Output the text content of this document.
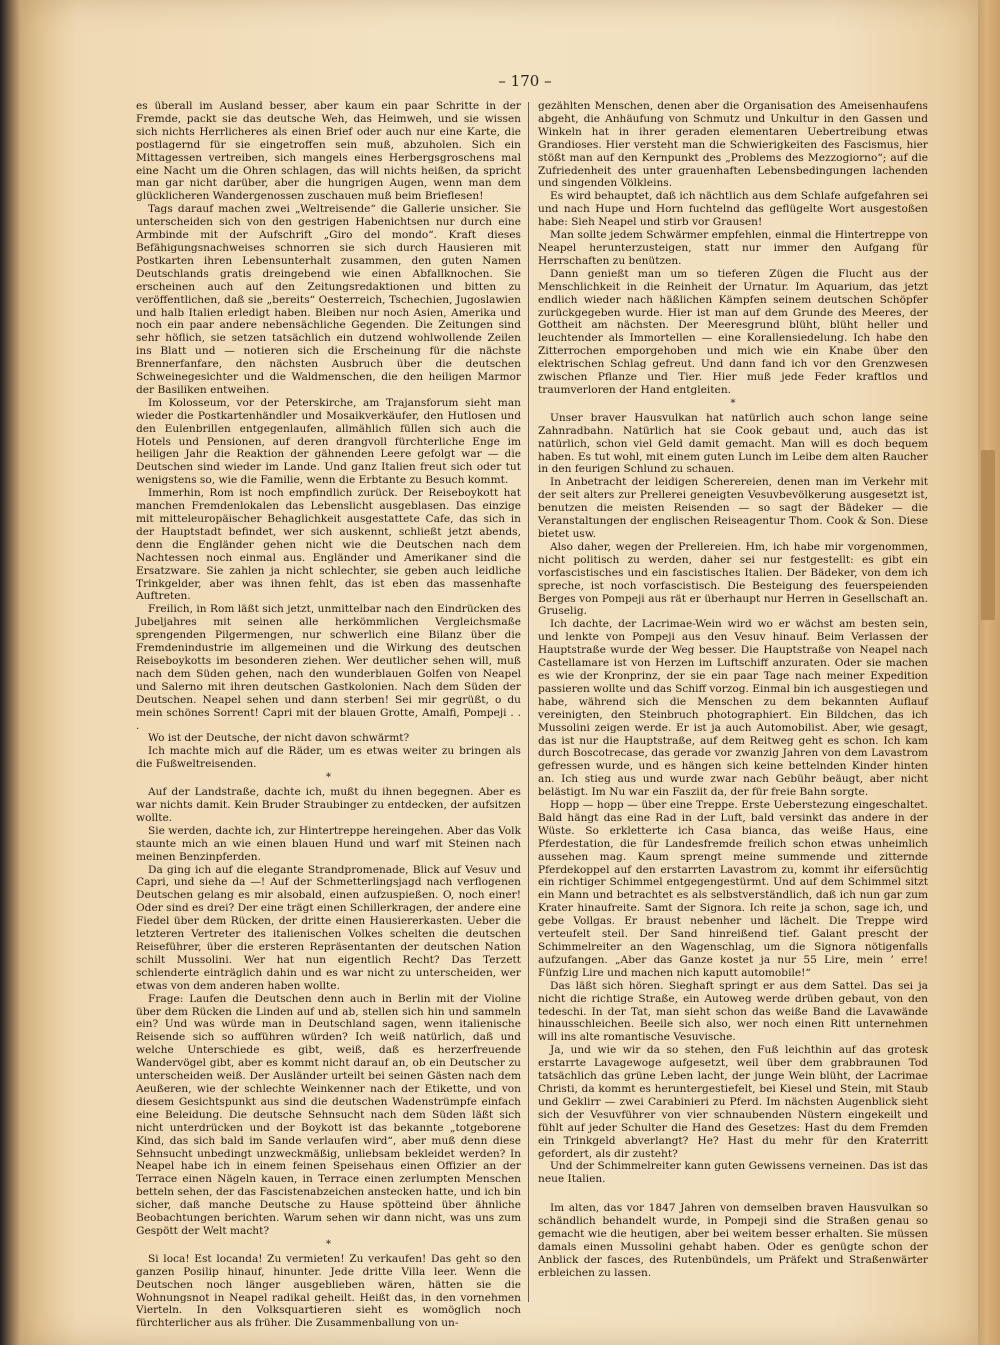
– 170 –

es überall im Ausland besser, aber kaum ein paar Schritte in der Fremde, packt sie das deutsche Weh, das Heimweh, und sie wissen sich nichts Herrlicheres als einen Brief oder auch nur eine Karte, die postlagernd für sie eingetroffen sein muß, abzuholen. Sich ein Mittagessen vertreiben, sich mangels eines Herbergsgroschens mal eine Nacht um die Ohren schlagen, das will nichts heißen, da spricht man gar nicht darüber, aber die hungrigen Augen, wenn man dem glücklicheren Wandergenossen zuschauen muß beim Brieflesen!

Tags darauf machen zwei „Weltreisende“ die Gallerie unsicher. Sie unterscheiden sich von den gestrigen Habenichtsen nur durch eine Armbinde mit der Aufschrift „Giro del mondo“. Kraft dieses Befähigungsnachweises schnorren sie sich durch Hausieren mit Postkarten ihren Lebensunterhalt zusammen, den guten Namen Deutschlands gratis dreingebend wie einen Abfallknochen. Sie erscheinen auch auf den Zeitungsredaktionen und bitten zu veröffentlichen, daß sie „bereits“ Oesterreich, Tschechien, Jugoslawien und halb Italien erledigt haben. Bleiben nur noch Asien, Amerika und noch ein paar andere nebensächliche Gegenden. Die Zeitungen sind sehr höflich, sie setzen tatsächlich ein dutzend wohlwollende Zeilen ins Blatt und — notieren sich die Erscheinung für die nächste Brennerfanfare, den nächsten Ausbruch über die deutschen Schweinegesichter und die Waldmenschen, die den heiligen Marmor der Basiliken entweihen.

Im Kolosseum, vor der Peterskirche, am Trajansforum sieht man wieder die Postkartenhändler und Mosaikverkäufer, den Hutlosen und den Eulenbrillen entgegenlaufen, allmählich füllen sich auch die Hotels und Pensionen, auf deren drangvoll fürchterliche Enge im heiligen Jahr die Reaktion der gähnenden Leere gefolgt war — die Deutschen sind wieder im Lande. Und ganz Italien freut sich oder tut wenigstens so, wie die Familie, wenn die Erbtante zu Besuch kommt.

Immerhin, Rom ist noch empfindlich zurück. Der Reiseboykott hat manchen Fremdenlokalen das Lebenslicht ausgeblasen. Das einzige mit mitteleuropäischer Behaglichkeit ausgestattete Cafe, das sich in der Hauptstadt befindet, wer sich auskennt, schließt jetzt abends, denn die Engländer gehen nicht wie die Deutschen nach dem Nachtessen noch einmal aus. Engländer und Amerikaner sind die Ersatzware. Sie zahlen ja nicht schlechter, sie geben auch leidliche Trinkgelder, aber was ihnen fehlt, das ist eben das massenhafte Auftreten.

Freilich, in Rom läßt sich jetzt, unmittelbar nach den Eindrücken des Jubeljahres mit seinen alle herkömmlichen Vergleichsmaße sprengenden Pilgermengen, nur schwerlich eine Bilanz über die Fremdenindustrie im allgemeinen und die Wirkung des deutschen Reiseboykotts im besonderen ziehen. Wer deutlicher sehen will, muß nach dem Süden gehen, nach den wunderblauen Golfen von Neapel und Salerno mit ihren deutschen Gastkolonien. Nach dem Süden der Deutschen. Neapel sehen und dann sterben! Sei mir gegrüßt, o du mein schönes Sorrent! Capri mit der blauen Grotte, Amalfi, Pompeji . . .

Wo ist der Deutsche, der nicht davon schwärmt?

Ich machte mich auf die Räder, um es etwas weiter zu bringen als die Fußweltreisenden.

*

Auf der Landstraße, dachte ich, mußt du ihnen begegnen. Aber es war nichts damit. Kein Bruder Straubinger zu entdecken, der aufsitzen wollte.

Sie werden, dachte ich, zur Hintertreppe hereingehen. Aber das Volk staunte mich an wie einen blauen Hund und warf mit Steinen nach meinen Benzinpferden.

Da ging ich auf die elegante Strandpromenade, Blick auf Vesuv und Capri, und siehe da —! Auf der Schmetterlingsjagd nach verflogenen Deutschen gelang es mir alsobald, einen aufzuspießen. O, noch einer! Oder sind es drei? Der eine trägt einen Schillerkragen, der andere eine Fiedel über dem Rücken, der dritte einen Hausiererkasten. Ueber die letzteren Vertreter des italienischen Volkes schelten die deutschen Reiseführer, über die ersteren Repräsentanten der deutschen Nation schilt Mussolini. Wer hat nun eigentlich Recht? Das Terzett schlenderte einträglich dahin und es war nicht zu unterscheiden, wer etwas von dem anderen haben wollte.

Frage: Laufen die Deutschen denn auch in Berlin mit der Violine über dem Rücken die Linden auf und ab, stellen sich hin und sammeln ein? Und was würde man in Deutschland sagen, wenn italienische Reisende sich so aufführen würden? Ich weiß natürlich, daß und welche Unterschiede es gibt, weiß, daß es herzerfreuende Wandervögel gibt, aber es kommt nicht darauf an, ob ein Deutscher zu unterscheiden weiß. Der Ausländer urteilt bei seinen Gästen nach dem Aeußeren, wie der schlechte Weinkenner nach der Etikette, und von diesem Gesichtspunkt aus sind die deutschen Wadenstrümpfe einfach eine Beleidung. Die deutsche Sehnsucht nach dem Süden läßt sich nicht unterdrücken und der Boykott ist das bekannte „totgeborene Kind, das sich bald im Sande verlaufen wird“, aber muß denn diese Sehnsucht unbedingt unzweckmäßig, unliebsam bekleidet werden? In Neapel habe ich in einem feinen Speisehaus einen Offizier an der Terrace einen Nägeln kauen, in Terrace einen zerlumpten Menschen betteln sehen, der das Fascistenabzeichen anstecken hatte, und ich bin sicher, daß manche Deutsche zu Hause spötteind über ähnliche Beobachtungen berichten. Warum sehen wir dann nicht, was uns zum Gespött der Welt macht?

*

Si loca! Est locanda! Zu vermieten! Zu verkaufen! Das geht so den ganzen Posilip hinauf, hinunter. Jede dritte Villa leer. Wenn die Deutschen noch länger ausgeblieben wären, hätten sie die Wohnungsnot in Neapel radikal geheilt. Heißt das, in den vornehmen Vierteln. In den Volksquartieren sieht es womöglich noch fürchterlicher aus als früher. Die Zusammenballung von un-

gezählten Menschen, denen aber die Organisation des Ameisenhaufens abgeht, die Anhäufung von Schmutz und Unkultur in den Gassen und Winkeln hat in ihrer geraden elementaren Uebertreibung etwas Grandioses. Hier versteht man die Schwierigkeiten des Fascismus, hier stößt man auf den Kernpunkt des „Problems des Mezzogiorno“; auf die Zufriedenheit des unter grauenhaften Lebensbedingungen lachenden und singenden Völkleins.

Es wird behauptet, daß ich nächtlich aus dem Schlafe aufgefahren sei und nach Hupe und Horn fuchtelnd das geflügelte Wort ausgestoßen habe: Sieh Neapel und stirb vor Grausen!

Man sollte jedem Schwärmer empfehlen, einmal die Hintertreppe von Neapel herunterzusteigen, statt nur immer den Aufgang für Herrschaften zu benützen.

Dann genießt man um so tieferen Zügen die Flucht aus der Menschlichkeit in die Reinheit der Urnatur. Im Aquarium, das jetzt endlich wieder nach häßlichen Kämpfen seinem deutschen Schöpfer zurückgegeben wurde. Hier ist man auf dem Grunde des Meeres, der Gottheit am nächsten. Der Meeresgrund blüht, blüht heller und leuchtender als Immortellen — eine Korallensiedelung. Ich habe den Zitterrochen emporgehoben und mich wie ein Knabe über den elektrischen Schlag gefreut. Und dann fand ich vor den Grenzwesen zwischen Pflanze und Tier. Hier muß jede Feder kraftlos und traumverloren der Hand entgleiten.

*

Unser braver Hausvulkan hat natürlich auch schon lange seine Zahnradbahn. Natürlich hat sie Cook gebaut und, auch das ist natürlich, schon viel Geld damit gemacht. Man will es doch bequem haben. Es tut wohl, mit einem guten Lunch im Leibe dem alten Raucher in den feurigen Schlund zu schauen.

In Anbetracht der leidigen Scherereien, denen man im Verkehr mit der seit alters zur Prellerei geneigten Vesuvbevölkerung ausgesetzt ist, benutzen die meisten Reisenden — so sagt der Bädeker — die Veranstaltungen der englischen Reiseagentur Thom. Cook & Son. Diese bietet usw.

Also daher, wegen der Prellereien. Hm, ich habe mir vorgenommen, nicht politisch zu werden, daher sei nur festgestellt: es gibt ein vorfascistisches und ein fascistisches Italien. Der Bädeker, von dem ich spreche, ist noch vorfascistisch. Die Besteigung des feuerspeienden Berges von Pompeji aus rät er überhaupt nur Herren in Gesellschaft an. Gruselig.

Ich dachte, der Lacrimae-Wein wird wo er wächst am besten sein, und lenkte von Pompeji aus den Vesuv hinauf. Beim Verlassen der Hauptstraße wurde der Weg besser. Die Hauptstraße von Neapel nach Castellamare ist von Herzen im Luftschiff anzuraten. Oder sie machen es wie der Kronprinz, der sie ein paar Tage nach meiner Expedition passieren wollte und das Schiff vorzog. Einmal bin ich ausgestiegen und habe, während sich die Menschen zu dem bekannten Auflauf vereinigten, den Steinbruch photographiert. Ein Bildchen, das ich Mussolini zeigen werde. Er ist ja auch Automobilist. Aber, wie gesagt, das ist nur die Hauptstraße, auf dem Reitweg geht es schon. Ich kam durch Boscotrecase, das gerade vor zwanzig Jahren von dem Lavastrom gefressen wurde, und es hängen sich keine bettelnden Kinder hinten an. Ich stieg aus und wurde zwar nach Gebühr beäugt, aber nicht belästigt. Im Nu war ein Fasziit da, der für freie Bahn sorgte.

Hopp — hopp — über eine Treppe. Erste Ueberstezung eingeschaltet. Bald hängt das eine Rad in der Luft, bald versinkt das andere in der Wüste. So erkletterte ich Casa bianca, das weiße Haus, eine Pferdestation, die für Landesfremde freilich schon etwas unheimlich aussehen mag. Kaum sprengt meine summende und zitternde Pferdekoppel auf den erstarrten Lavastrom zu, kommt ihr eifersüchtig ein richtiger Schimmel entgegengestürmt. Und auf dem Schimmel sitzt ein Mann und betrachtet es als selbstverständlich, daß ich nun gar zum Krater hinaufreite. Samt der Signora. Ich reite ja schon, sage ich, und gebe Vollgas. Er braust nebenher und lächelt. Die Treppe wird verteufelt steil. Der Sand hinreißend tief. Galant prescht der Schimmelreiter an den Wagenschlag, um die Signora nötigenfalls aufzufangen. „Aber das Ganze kostet ja nur 55 Lire, mein ’ erre! Fünfzig Lire und machen nich kaputt automobile!“

Das läßt sich hören. Sieghaft springt er aus dem Sattel. Das sei ja nicht die richtige Straße, ein Autoweg werde drüben gebaut, von den tedeschi. In der Tat, man sieht schon das weiße Band die Lavawände hinausschleichen. Beeile sich also, wer noch einen Ritt unternehmen will ins alte romantische Vesuvische.

Ja, und wie wir da so stehen, den Fuß leichthin auf das grotesk erstarrte Lavagewoge aufgesetzt, weil über dem grabbraunen Tod tatsächlich das grüne Leben lacht, der junge Wein blüht, der Lacrimae Christi, da kommt es heruntergestiefelt, bei Kiesel und Stein, mit Staub und Geklirr — zwei Carabinieri zu Pferd. Im nächsten Augenblick sieht sich der Vesuvführer von vier schnaubenden Nüstern eingekeilt und fühlt auf jeder Schulter die Hand des Gesetzes: Hast du dem Fremden ein Trinkgeld abverlangt? He? Hast du mehr für den Kraterritt gefordert, als dir zusteht?

Und der Schimmelreiter kann guten Gewissens verneinen. Das ist das neue Italien.

Im alten, das vor 1847 Jahren von demselben braven Hausvulkan so schändlich behandelt wurde, in Pompeji sind die Straßen genau so gemacht wie die heutigen, aber bei weitem besser erhalten. Sie müssen damals einen Mussolini gehabt haben. Oder es genügte schon der Anblick der fasces, des Rutenbündels, um Präfekt und Straßenwärter erbleichen zu lassen.
